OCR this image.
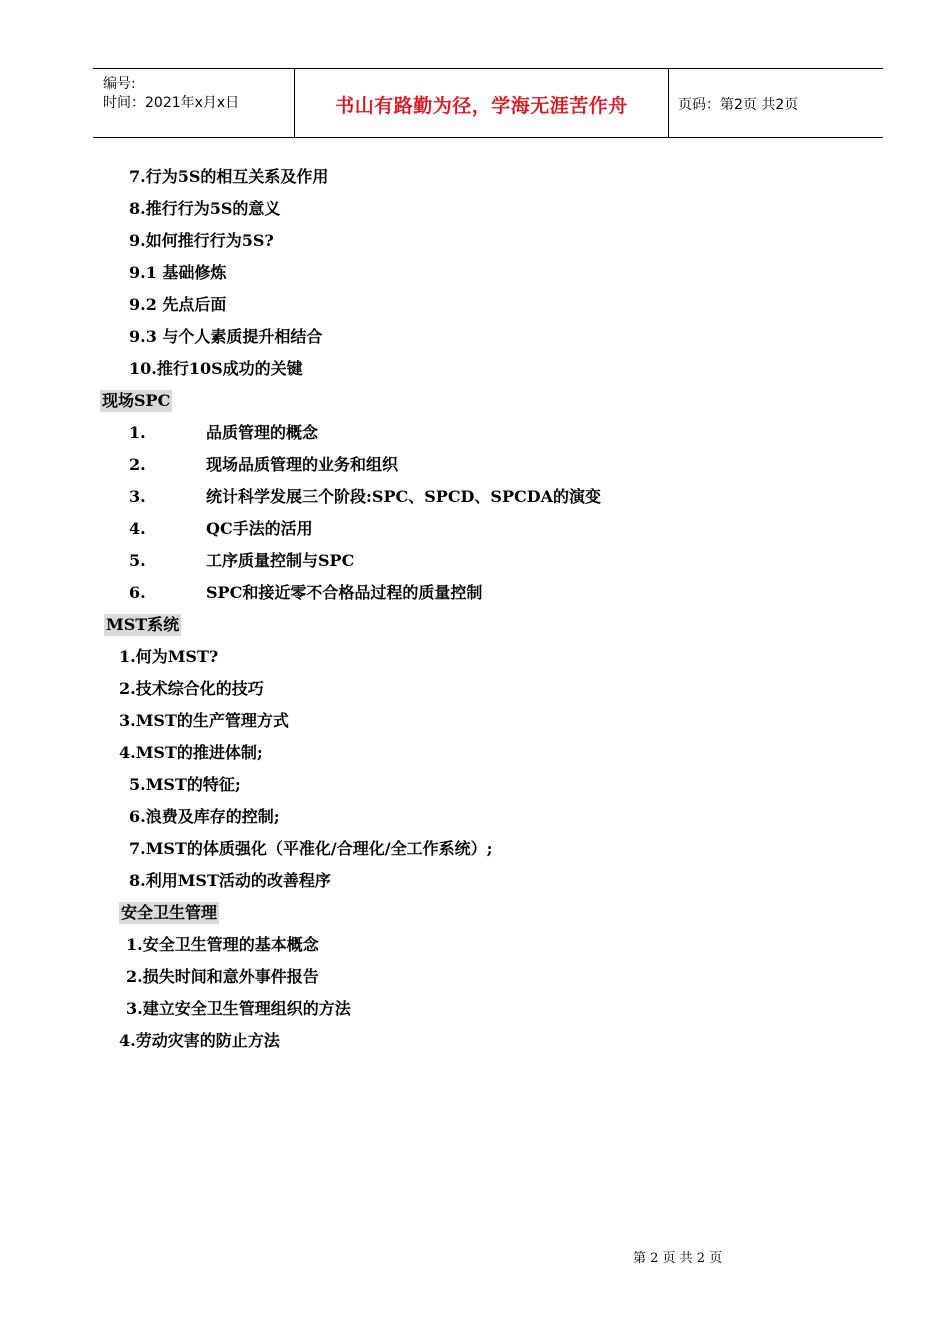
编号:
时间：2021年x月x日	书山有路勤为径，学海无涯苦作舟	页码：第2页 共2页
7.行为5S的相互关系及作用
8.推行行为5S的意义
9.如何推行行为5S?
9.1 基础修炼
9.2 先点后面
9.3 与个人素质提升相结合
10.推行10S成功的关键
现场SPC
1.	品质管理的概念
2.	现场品质管理的业务和组织
3.	统计科学发展三个阶段:SPC、SPCD、SPCDA的演变
4.	QC手法的活用
5.	工序质量控制与SPC
6.	SPC和接近零不合格品过程的质量控制
MST系统
1.何为MST?
2.技术综合化的技巧
3.MST的生产管理方式
4.MST的推进体制;
5.MST的特征;
6.浪费及库存的控制;
7.MST的体质强化（平准化/合理化/全工作系统）;
8.利用MST活动的改善程序
安全卫生管理
1.安全卫生管理的基本概念
2.损失时间和意外事件报告
3.建立安全卫生管理组织的方法
4.劳动灾害的防止方法
第 2 页 共 2 页
